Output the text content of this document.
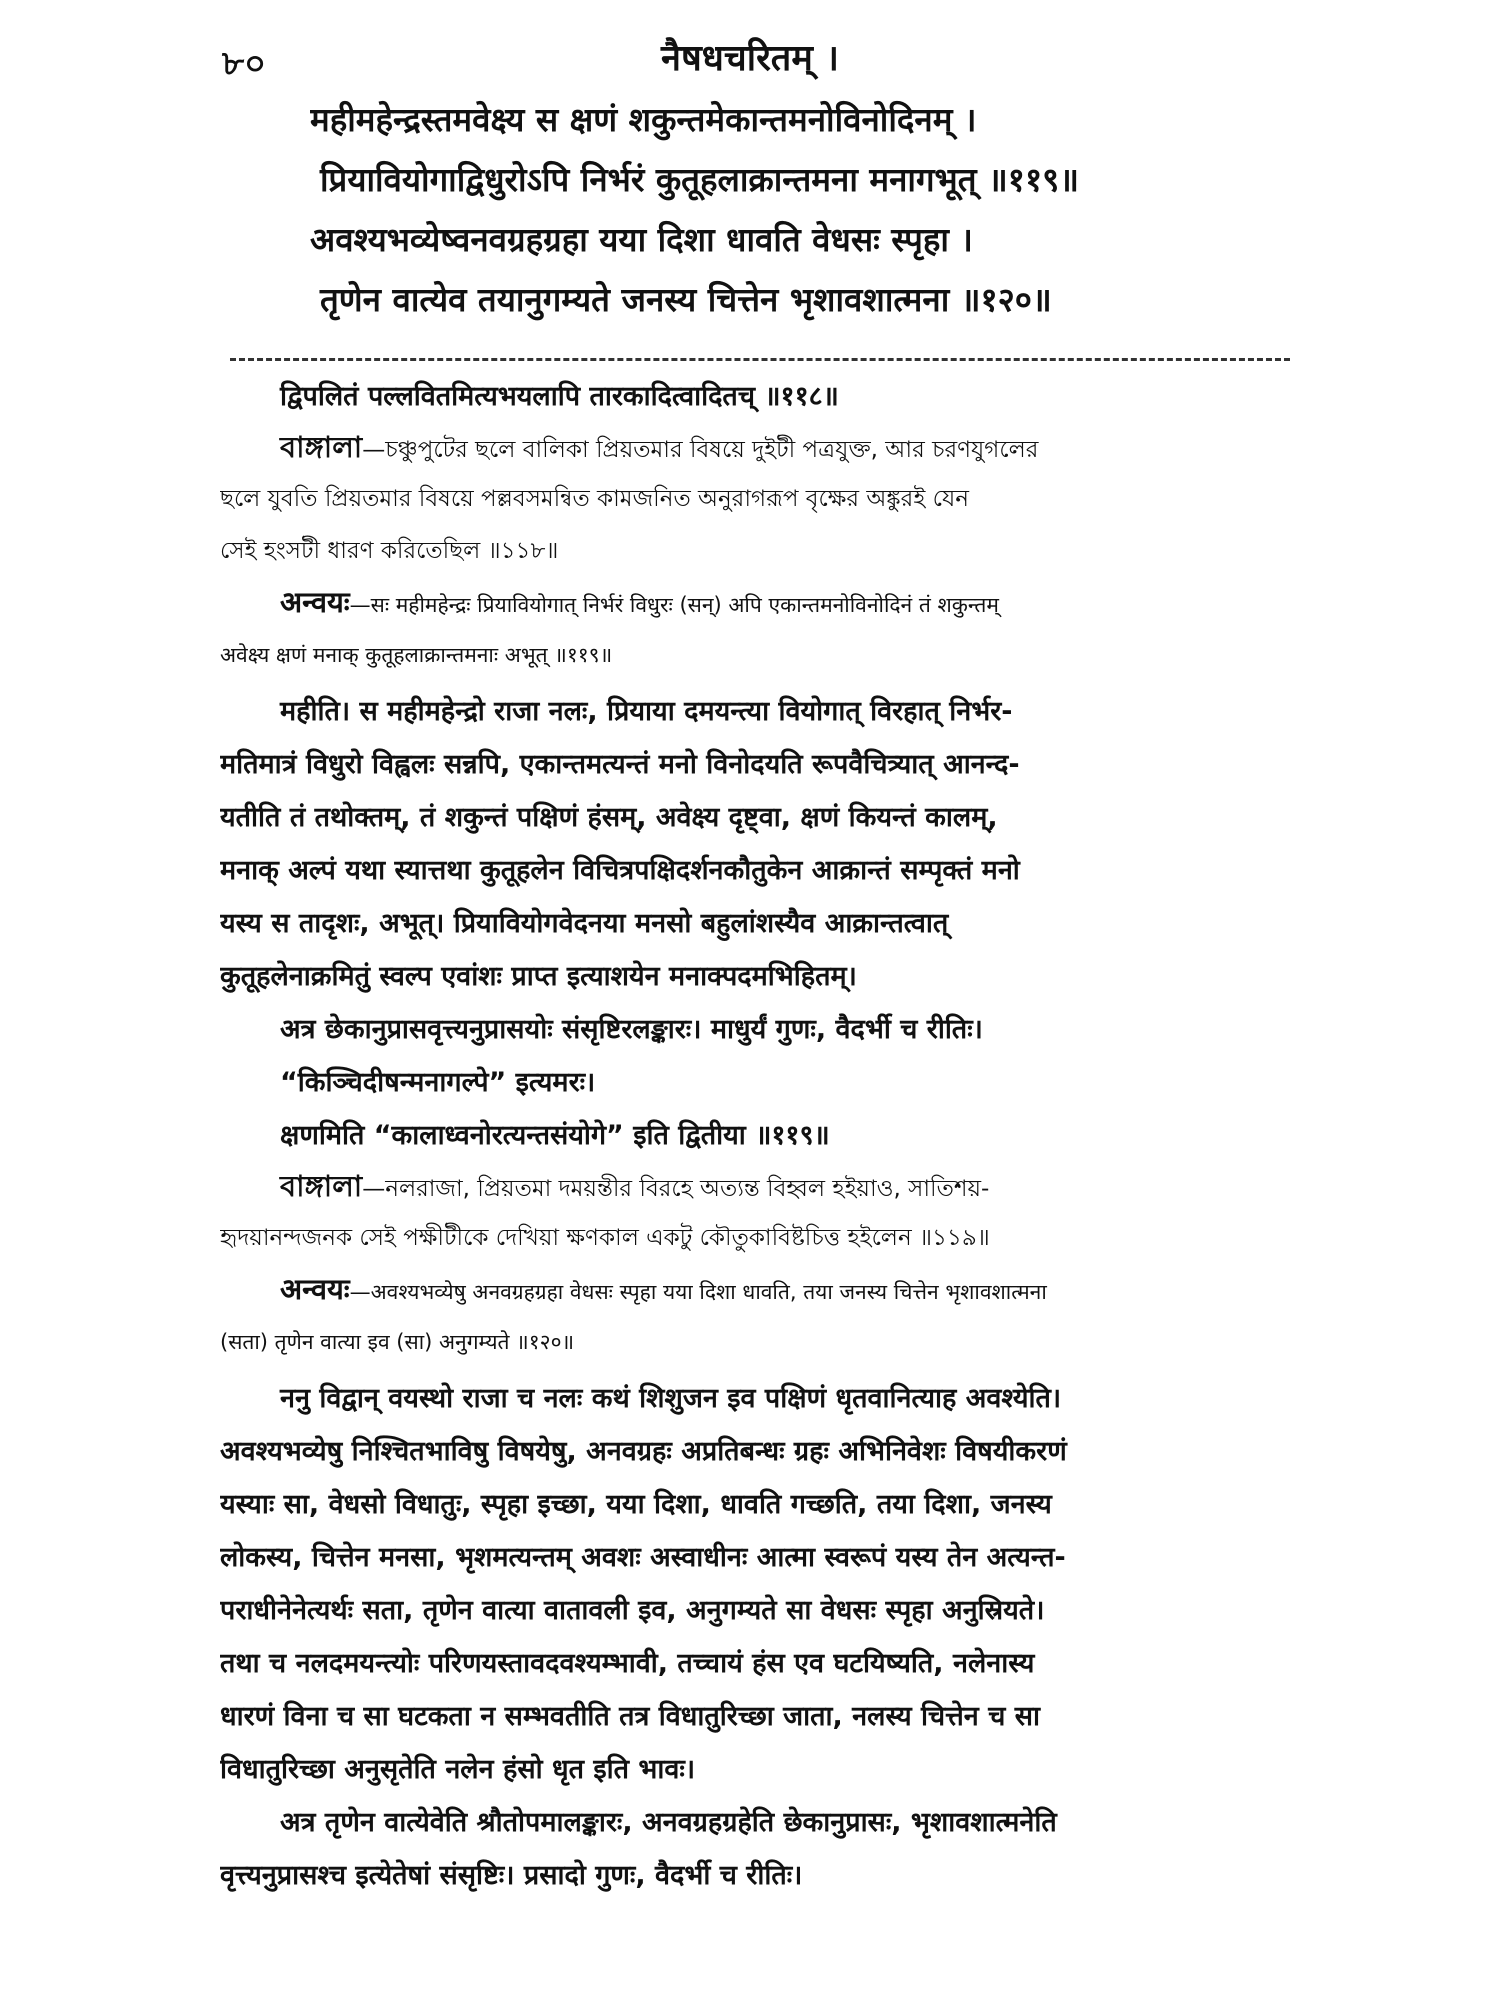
৮০	नैषधचरितम् ।
महीमहेन्द्रस्तमवेक्ष्य स क्षणं शकुन्तमेकान्तमनोविनोदिनम् ।
प्रियावियोगाद्विधुरोऽपि निर्भरं कुतूहलाक्रान्तमना मनागभूत् ॥११९॥
अवश्यभव्येष्वनवग्रहग्रहा यया दिशा धावति वेधसः स्पृहा ।
तृणेन वात्येव तयानुगम्यते जनस्य चित्तेन भृशावशात्मना ॥१२०॥
द्विपलितं पल्लवितमित्यभयलापि तारकादित्वादितच् ॥११८॥
বাঙ্গালা—চঞ্চুপুটের ছলে বালিকা প্রিয়তমার বিষয়ে দুইটী পত্রযুক্ত, আর চরণযুগলের
ছলে যুবতি প্রিয়তমার বিষয়ে পল্লবসমন্বিত কামজনিত অনুরাগরূপ বৃক্ষের অঙ্কুরই যেন
সেই হংসটী ধারণ করিতেছিল ॥১১৮॥
अन्वयः—सः महीमहेन्द्रः प्रियावियोगात् निर्भरं विधुरः (सन्) अपि एकान्तमनोविनोदिनं तं शकुन्तम्
अवेक्ष्य क्षणं मनाक् कुतूहलाक्रान्तमनाः अभूत् ॥११९॥
महीति। स महीमहेन्द्रो राजा नलः, प्रियाया दमयन्त्या वियोगात् विरहात् निर्भर-
मतिमात्रं विधुरो विह्वलः सन्नपि, एकान्तमत्यन्तं मनो विनोदयति रूपवैचित्र्यात् आनन्द-
यतीति तं तथोक्तम्, तं शकुन्तं पक्षिणं हंसम्, अवेक्ष्य दृष्ट्वा, क्षणं कियन्तं कालम्,
मनाक् अल्पं यथा स्यात्तथा कुतूहलेन विचित्रपक्षिदर्शनकौतुकेन आक्रान्तं सम्पृक्तं मनो
यस्य स तादृशः, अभूत्। प्रियावियोगवेदनया मनसो बहुलांशस्यैव आक्रान्तत्वात्
कुतूहलेनाक्रमितुं स्वल्प एवांशः प्राप्त इत्याशयेन मनाक्पदमभिहितम्।
अत्र छेकानुप्रासवृत्त्यनुप्रासयोः संसृष्टिरलङ्कारः। माधुर्यं गुणः, वैदर्भी च रीतिः।
“किञ्चिदीषन्मनागल्पे” इत्यमरः।
क्षणमिति “कालाध्वनोरत्यन्तसंयोगे” इति द्वितीया ॥११९॥
বাঙ্গালা—নলরাজা, প্রিয়তমা দময়ন্তীর বিরহে অত্যন্ত বিহ্বল হইয়াও, সাতিশয়-
হৃদয়ানন্দজনক সেই পক্ষীটীকে দেখিয়া ক্ষণকাল একটু কৌতুকাবিষ্টচিত্ত হইলেন ॥১১৯॥
अन्वयः—अवश्यभव्येषु अनवग्रहग्रहा वेधसः स्पृहा यया दिशा धावति, तया जनस्य चित्तेन भृशावशात्मना
(सता) तृणेन वात्या इव (सा) अनुगम्यते ॥१२०॥
ननु विद्वान् वयस्थो राजा च नलः कथं शिशुजन इव पक्षिणं धृतवानित्याह अवश्येति।
अवश्यभव्येषु निश्चितभाविषु विषयेषु, अनवग्रहः अप्रतिबन्धः ग्रहः अभिनिवेशः विषयीकरणं
यस्याः सा, वेधसो विधातुः, स्पृहा इच्छा, यया दिशा, धावति गच्छति, तया दिशा, जनस्य
लोकस्य, चित्तेन मनसा, भृशमत्यन्तम् अवशः अस्वाधीनः आत्मा स्वरूपं यस्य तेन अत्यन्त-
पराधीनेनेत्यर्थः सता, तृणेन वात्या वातावली इव, अनुगम्यते सा वेधसः स्पृहा अनुस्रियते।
तथा च नलदमयन्त्योः परिणयस्तावदवश्यम्भावी, तच्चायं हंस एव घटयिष्यति, नलेनास्य
धारणं विना च सा घटकता न सम्भवतीति तत्र विधातुरिच्छा जाता, नलस्य चित्तेन च सा
विधातुरिच्छा अनुसृतेति नलेन हंसो धृत इति भावः।
अत्र तृणेन वात्येवेति श्रौतोपमालङ्कारः, अनवग्रहग्रहेति छेकानुप्रासः, भृशावशात्मनेति
वृत्त्यनुप्रासश्च इत्येतेषां संसृष्टिः। प्रसादो गुणः, वैदर्भी च रीतिः।
